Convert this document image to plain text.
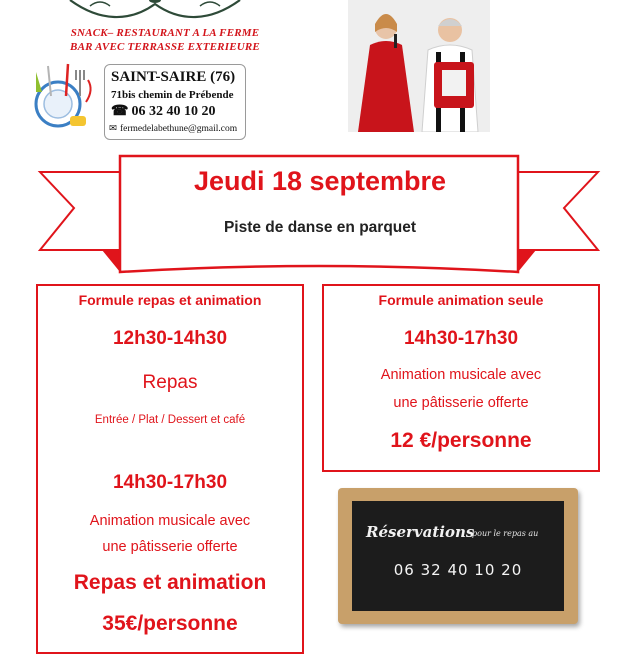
SNACK– RESTAURANT A LA FERME
BAR AVEC TERRASSE EXTERIEURE
SAINT-SAIRE (76)
71bis chemin de Prébende
☎ 06 32 40 10 20
✉ fermedelabethune@gmail.com
Jeudi 18 septembre
Piste de danse en parquet
Formule repas et animation
12h30-14h30
Repas
Entrée / Plat / Dessert et café
14h30-17h30
Animation musicale avec
une pâtisserie offerte
Repas et animation
35€/personne
Formule animation seule
14h30-17h30
Animation musicale avec
une pâtisserie offerte
12 €/personne
Réservations
pour le repas au
06 32 40 10 20
